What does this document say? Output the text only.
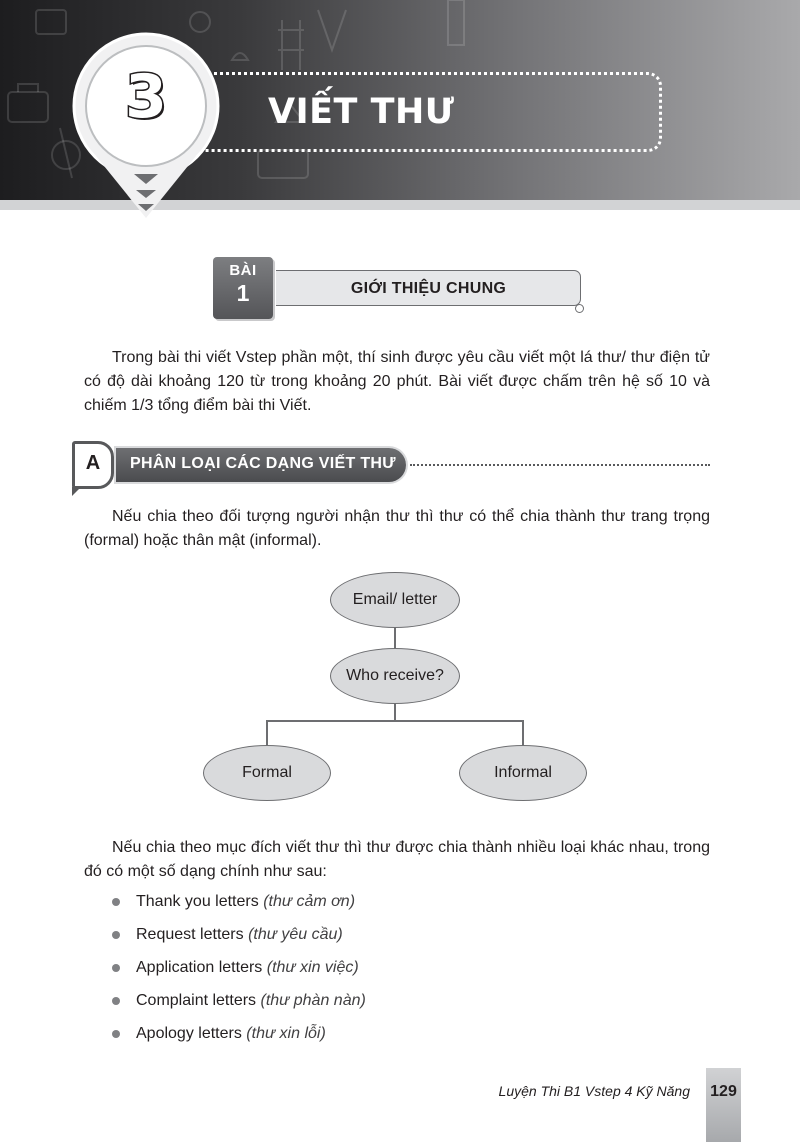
VIẾT THƯ
3
BÀI
1	GIỚI THIỆU CHUNG

Trong bài thi viết Vstep phần một, thí sinh được yêu cầu viết một lá thư/ thư điện tử có độ dài khoảng 120 từ trong khoảng 20 phút. Bài viết được chấm trên hệ số 10 và chiếm 1/3 tổng điểm bài thi Viết.

A	PHÂN LOẠI CÁC DẠNG VIẾT THƯ

Nếu chia theo đối tượng người nhận thư thì thư có thể chia thành thư trang trọng (formal) hoặc thân mật (informal).

Email/ letter
Who receive?
Formal	Informal

Nếu chia theo mục đích viết thư thì thư được chia thành nhiều loại khác nhau, trong đó có một số dạng chính như sau:

Thank you letters (thư cảm ơn)
Request letters (thư yêu cầu)
Application letters (thư xin việc)
Complaint letters (thư phàn nàn)
Apology letters (thư xin lỗi)
Luyện Thi B1 Vstep 4 Kỹ Năng 129
